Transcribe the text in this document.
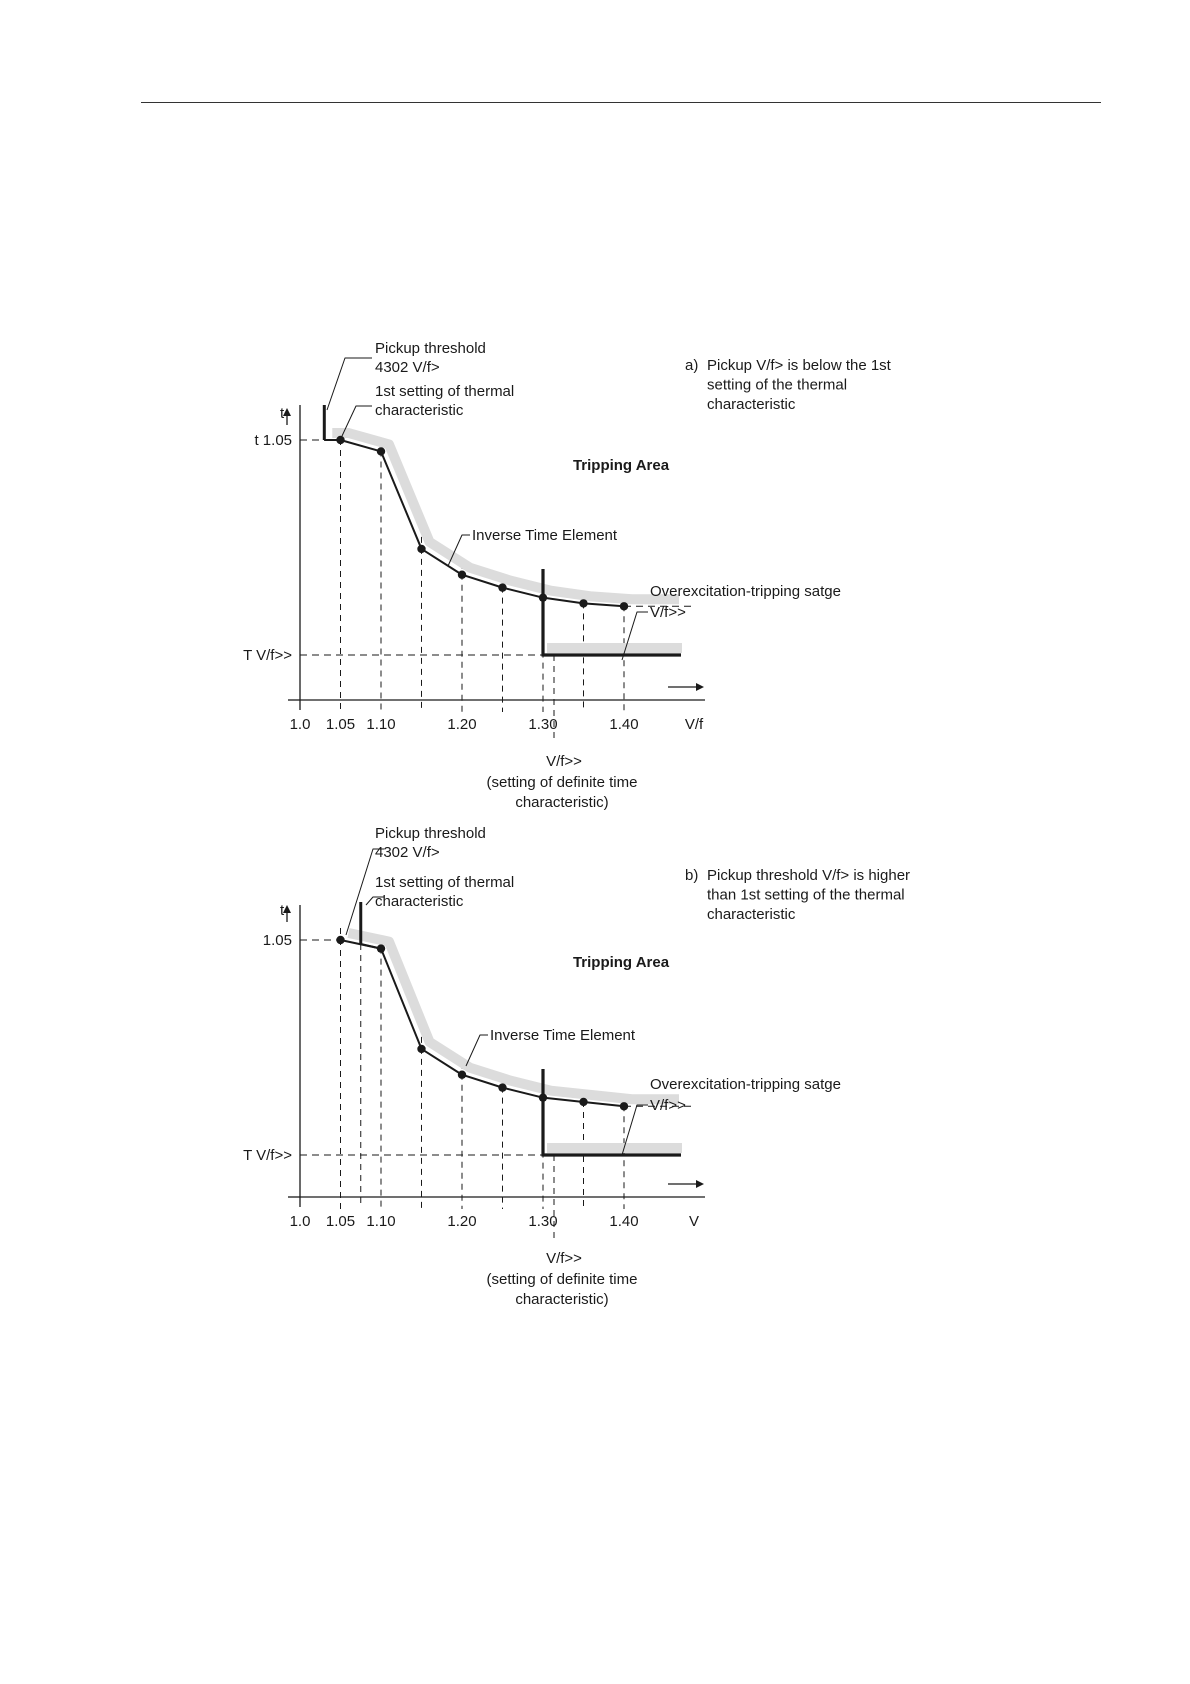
t
V/f
1.0 1.05 1.10	1.20	1.30	1.40
t 1.05
T V/f>>
Pickup threshold
4302 V/f>
1st setting of thermal
characteristic
Tripping Area
Inverse Time Element
Overexcitation-tripping satge
V/f>>
V/f>>
(setting of definite time
characteristic)
a) Pickup V/f> is below the 1st
setting of the thermal
characteristic
t
V
1.0 1.05 1.10	1.20	1.30	1.40
1.05
T V/f>>
Pickup threshold
4302 V/f>
1st setting of thermal
characteristic
Tripping Area
Inverse Time Element
Overexcitation-tripping satge
V/f>>
V/f>>
(setting of definite time
characteristic)
b) Pickup threshold V/f> is higher
than 1st setting of the thermal
characteristic
